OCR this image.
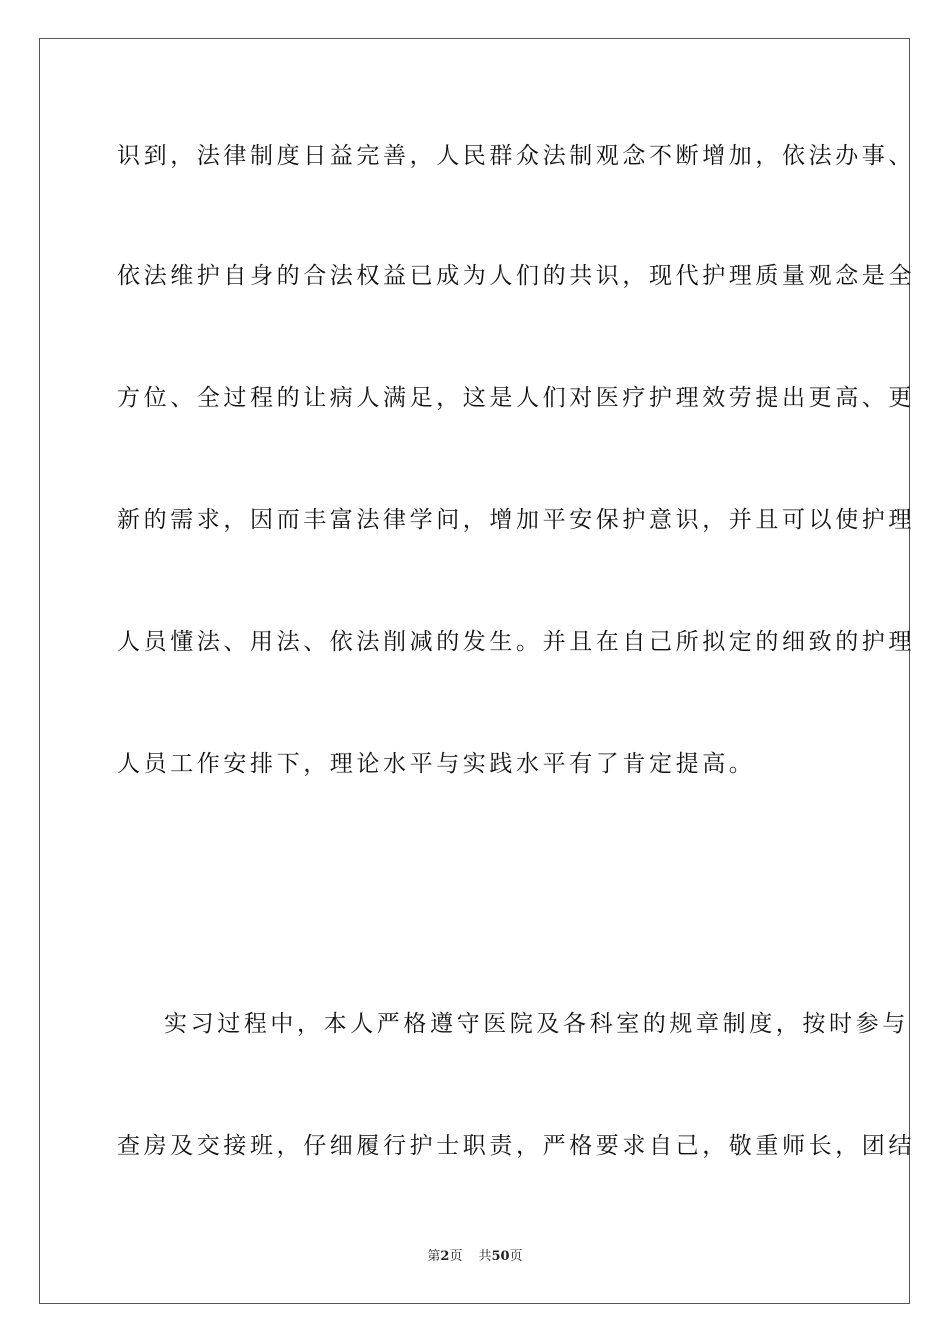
识到，法律制度日益完善，人民群众法制观念不断增加，依法办事、
依法维护自身的合法权益已成为人们的共识，现代护理质量观念是全
方位、全过程的让病人满足，这是人们对医疗护理效劳提出更高、更
新的需求，因而丰富法律学问，增加平安保护意识，并且可以使护理
人员懂法、用法、依法削减的发生。并且在自己所拟定的细致的护理
人员工作安排下，理论水平与实践水平有了肯定提高。
实习过程中，本人严格遵守医院及各科室的规章制度，按时参与
查房及交接班，仔细履行护士职责，严格要求自己，敬重师长，团结
第2页 共50页
